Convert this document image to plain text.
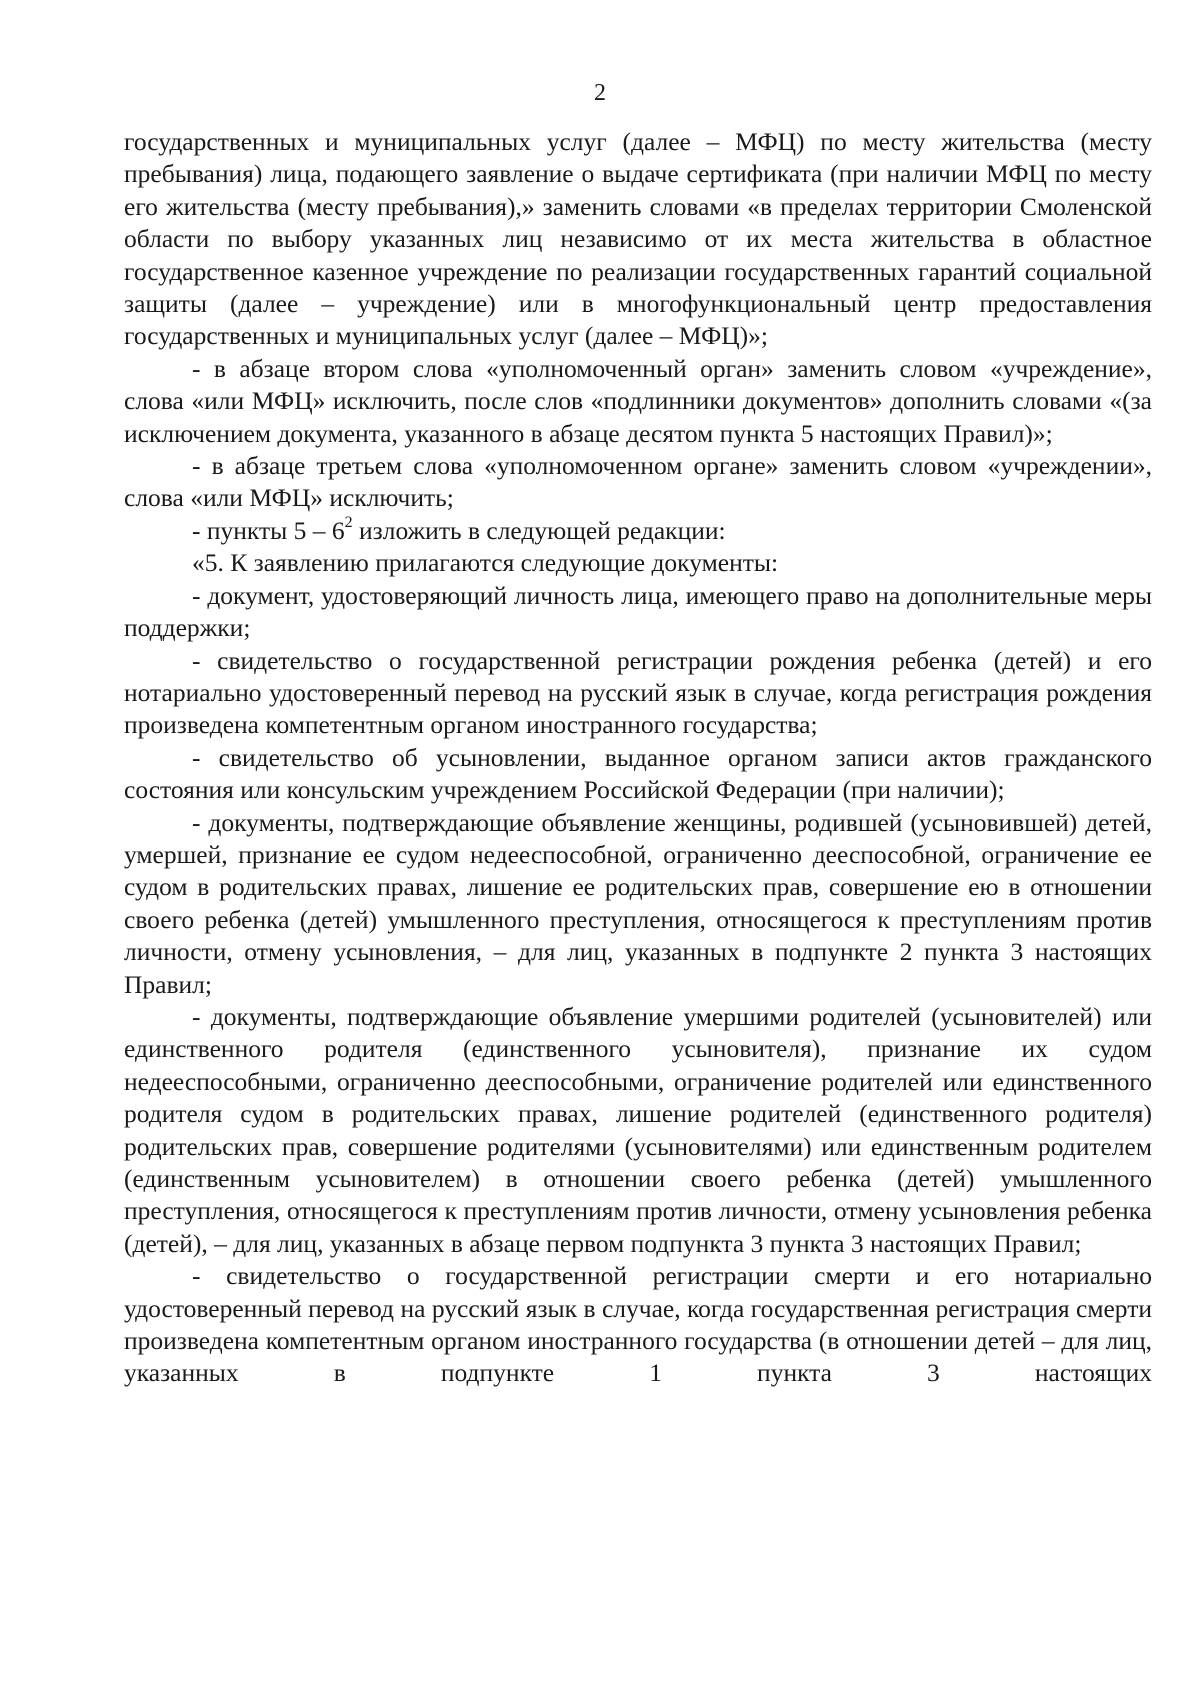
2

государственных и муниципальных услуг (далее – МФЦ) по месту жительства (месту пребывания) лица, подающего заявление о выдаче сертификата (при наличии МФЦ по месту его жительства (месту пребывания),» заменить словами «в пределах территории Смоленской области по выбору указанных лиц независимо от их места жительства в областное государственное казенное учреждение по реализации государственных гарантий социальной защиты (далее – учреждение) или в многофункциональный центр предоставления государственных и муниципальных услуг (далее – МФЦ)»;

- в абзаце втором слова «уполномоченный орган» заменить словом «учреждение», слова «или МФЦ» исключить, после слов «подлинники документов» дополнить словами «(за исключением документа, указанного в абзаце десятом пункта 5 настоящих Правил)»;

- в абзаце третьем слова «уполномоченном органе» заменить словом «учреждении», слова «или МФЦ» исключить;

- пункты $5 - 6^2$ изложить в следующей редакции:

«5. К заявлению прилагаются следующие документы:

- документ, удостоверяющий личность лица, имеющего право на дополнительные меры поддержки;

- свидетельство о государственной регистрации рождения ребенка (детей) и его нотариально удостоверенный перевод на русский язык в случае, когда регистрация рождения произведена компетентным органом иностранного государства;

- свидетельство об усыновлении, выданное органом записи актов гражданского состояния или консульским учреждением Российской Федерации (при наличии);

- документы, подтверждающие объявление женщины, родившей (усыновившей) детей, умершей, признание ее судом недееспособной, ограниченно дееспособной, ограничение ее судом в родительских правах, лишение ее родительских прав, совершение ею в отношении своего ребенка (детей) умышленного преступления, относящегося к преступлениям против личности, отмену усыновления, – для лиц, указанных в подпункте 2 пункта 3 настоящих Правил;

- документы, подтверждающие объявление умершими родителей (усыновителей) или единственного родителя (единственного усыновителя), признание их судом недееспособными, ограниченно дееспособными, ограничение родителей или единственного родителя судом в родительских правах, лишение родителей (единственного родителя) родительских прав, совершение родителями (усыновителями) или единственным родителем (единственным усыновителем) в отношении своего ребенка (детей) умышленного преступления, относящегося к преступлениям против личности, отмену усыновления ребенка (детей), – для лиц, указанных в абзаце первом подпункта 3 пункта 3 настоящих Правил;

- свидетельство о государственной регистрации смерти и его нотариально удостоверенный перевод на русский язык в случае, когда государственная регистрация смерти произведена компетентным органом иностранного государства (в отношении детей – для лиц, указанных в подпункте 1 пункта 3 настоящих
